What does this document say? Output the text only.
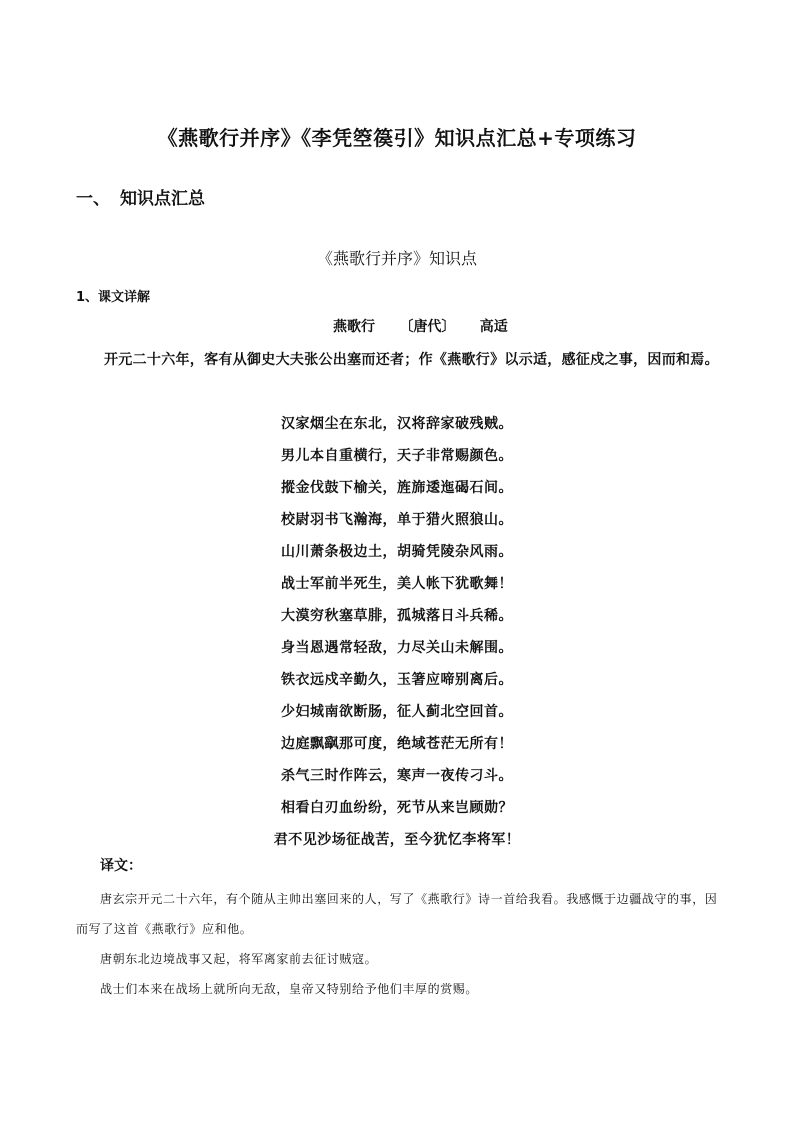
《燕歌行并序》《李凭箜篌引》知识点汇总+专项练习
一、 知识点汇总
《燕歌行并序》知识点
1、课文详解
燕歌行 〔唐代〕 高适
开元二十六年，客有从御史大夫张公出塞而还者；作《燕歌行》以示适，感征戍之事，因而和焉。
汉家烟尘在东北，汉将辞家破残贼。
男儿本自重横行，天子非常赐颜色。
摐金伐鼓下榆关，旌旆逶迤碣石间。
校尉羽书飞瀚海，单于猎火照狼山。
山川萧条极边土，胡骑凭陵杂风雨。
战士军前半死生，美人帐下犹歌舞！
大漠穷秋塞草腓，孤城落日斗兵稀。
身当恩遇常轻敌，力尽关山未解围。
铁衣远戍辛勤久，玉箸应啼别离后。
少妇城南欲断肠，征人蓟北空回首。
边庭飘飖那可度，绝域苍茫无所有！
杀气三时作阵云，寒声一夜传刁斗。
相看白刃血纷纷，死节从来岂顾勋？
君不见沙场征战苦，至今犹忆李将军！
译文：

唐玄宗开元二十六年，有个随从主帅出塞回来的人，写了《燕歌行》诗一首给我看。我感慨于边疆战守的事，因而写了这首《燕歌行》应和他。

唐朝东北边境战事又起，将军离家前去征讨贼寇。

战士们本来在战场上就所向无敌，皇帝又特别给予他们丰厚的赏赐。
